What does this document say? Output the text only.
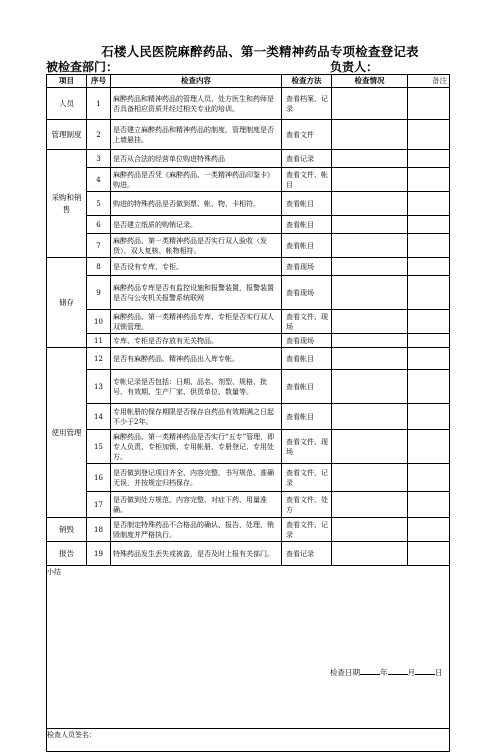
石楼人民医院麻醉药品、第一类精神药品专项检查登记表
被检查部门：	负责人：
项目	序号	检查内容	检查方法	检查情况	备注
人员	1	麻醉药品和精神药品的管理人员、处方医生和药师是否具备相应资质并经过相关专业的培训。	查看档案、记录		
管理制度	2	是否建立麻醉药品和精神药品的制度，管理制度是否上墙悬挂。	查看文件		
采购和销售	3	是否从合法的经营单位购进特殊药品	查看记录		
	4	麻醉药品是否凭《麻醉药品、一类精神药品印鉴卡》购进。	查看文件、帐目		
	5	购进的特殊药品是否做到票、帐、物、卡相符。	查看帐目		
	6	是否建立纸质的购销记录。	查看帐目		
	7	麻醉药品、第一类精神药品是否实行双人验收（发货）、双人复核、帐物相符。	查看帐目		
储存	8	是否设有专库、专柜。	查看现场		
	9	麻醉药品专库是否有监控设施和报警装置，报警装置是否与公安机关报警系统联网	查看现场		
	10	麻醉药品、第一类精神药品专库、专柜是否实行双人双锁管理。	查看文件、现场		
	11	专库、专柜是否存放有无关物品。	查看现场		
使用管理	12	是否有麻醉药品、精神药品出入库专帐。	查看帐目		
	13	专帐记录是否包括：日期、品名、剂型、规格、批号、有效期、生产厂家、供货单位、数量等。	查看帐目		
	14	专用帐册的保存期限是否保存自药品有效期满之日起不少于2年。	查看帐目		
	15	麻醉药品、第一类精神药品是否实行“五专”管理，即专人负责、专柜加锁、专用帐册、专册登记、专用处方。	查看文件、现场		
	16	是否做到登记项目齐全、内容完整、书写规范、准确无误，并按规定归档保存。	查看文件、记录		
	17	是否做到处方规范、内容完整、对症下药、用量准确。	查看文件、处方		
销毁	18	是否制定特殊药品不合格品的确认、报告、处理、销毁制度并严格执行。	查看文件、记录		
报告	19	特殊药品发生丢失或被盗，是否及时上报有关部门。	查看记录		
小结					
检查人员签名：					
检查日期	年	月	日
